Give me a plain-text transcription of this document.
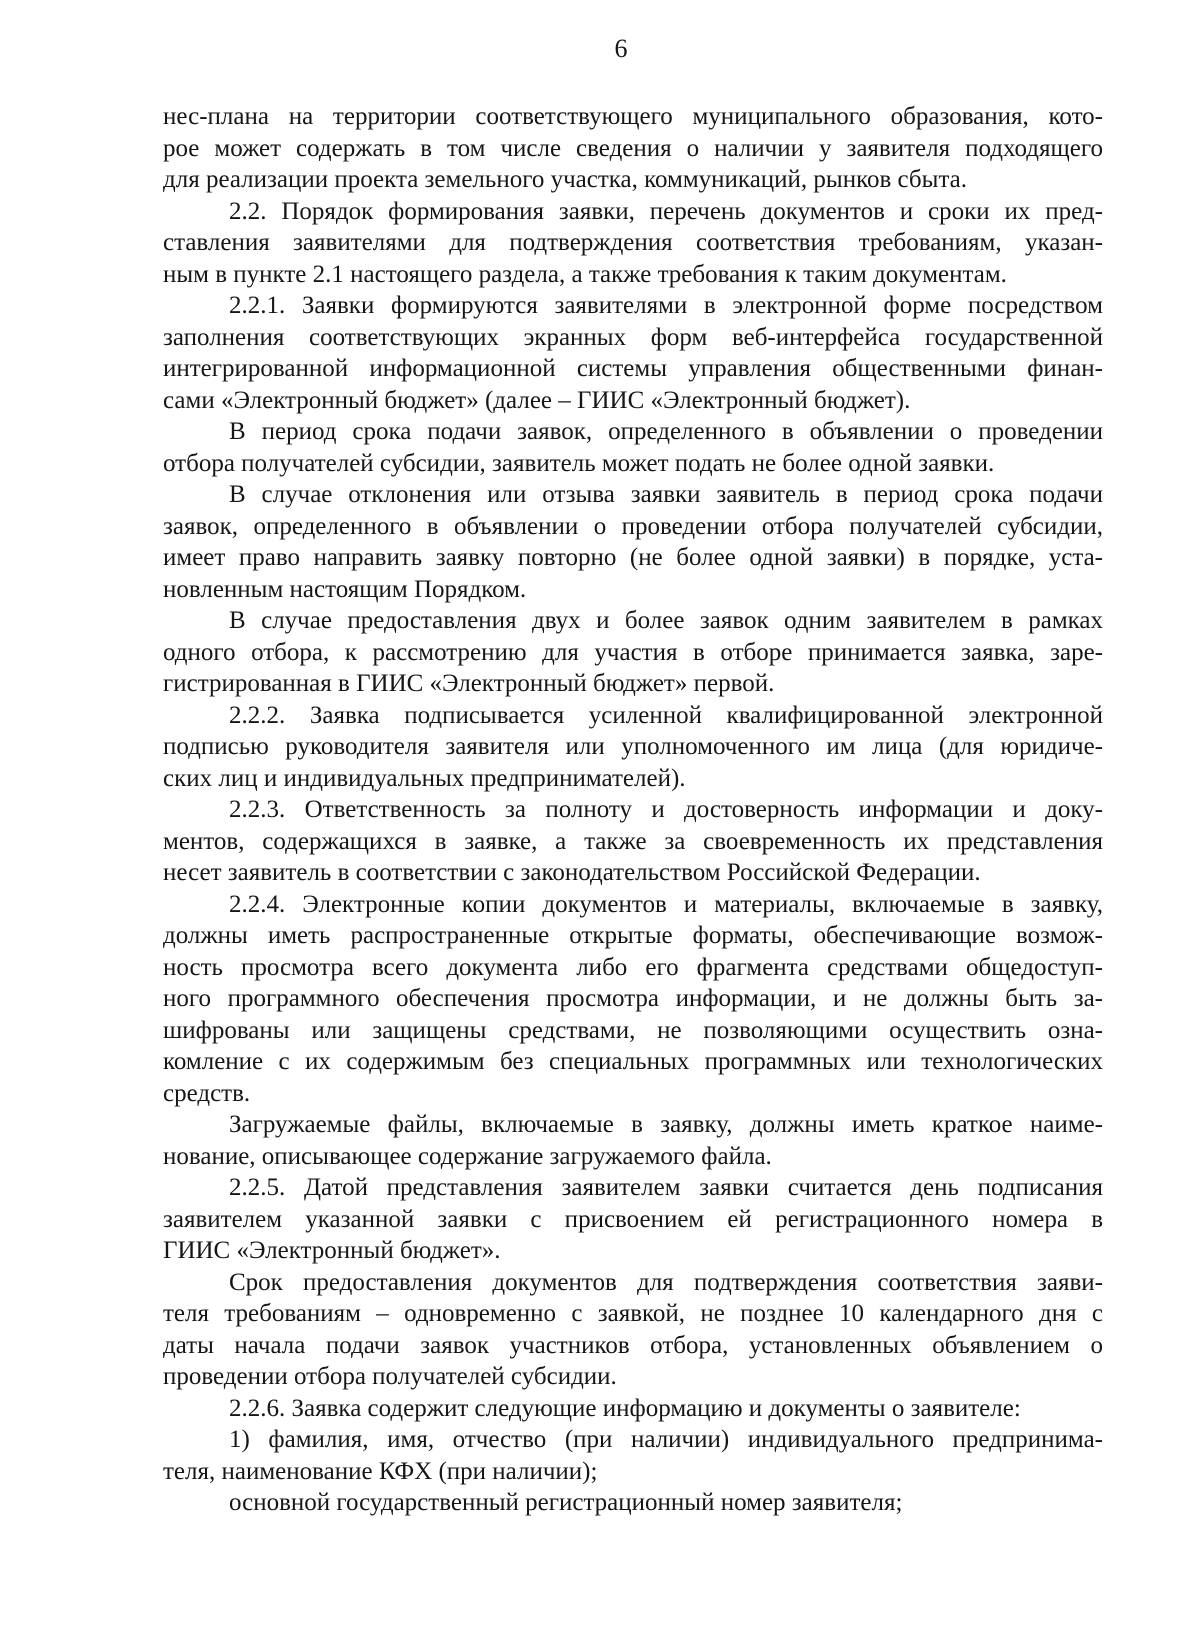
6
нес-плана на территории соответствующего муниципального образования, кото-
рое может содержать в том числе сведения о наличии у заявителя подходящего
для реализации проекта земельного участка, коммуникаций, рынков сбыта.
2.2. Порядок формирования заявки, перечень документов и сроки их пред-
ставления заявителями для подтверждения соответствия требованиям, указан-
ным в пункте 2.1 настоящего раздела, а также требования к таким документам.
2.2.1. Заявки формируются заявителями в электронной форме посредством
заполнения соответствующих экранных форм веб-интерфейса государственной
интегрированной информационной системы управления общественными финан-
сами «Электронный бюджет» (далее – ГИИС «Электронный бюджет).
В период срока подачи заявок, определенного в объявлении о проведении
отбора получателей субсидии, заявитель может подать не более одной заявки.
В случае отклонения или отзыва заявки заявитель в период срока подачи
заявок, определенного в объявлении о проведении отбора получателей субсидии,
имеет право направить заявку повторно (не более одной заявки) в порядке, уста-
новленным настоящим Порядком.
В случае предоставления двух и более заявок одним заявителем в рамках
одного отбора, к рассмотрению для участия в отборе принимается заявка, заре-
гистрированная в ГИИС «Электронный бюджет» первой.
2.2.2. Заявка подписывается усиленной квалифицированной электронной
подписью руководителя заявителя или уполномоченного им лица (для юридиче-
ских лиц и индивидуальных предпринимателей).
2.2.3. Ответственность за полноту и достоверность информации и доку-
ментов, содержащихся в заявке, а также за своевременность их представления
несет заявитель в соответствии с законодательством Российской Федерации.
2.2.4. Электронные копии документов и материалы, включаемые в заявку,
должны иметь распространенные открытые форматы, обеспечивающие возмож-
ность просмотра всего документа либо его фрагмента средствами общедоступ-
ного программного обеспечения просмотра информации, и не должны быть за-
шифрованы или защищены средствами, не позволяющими осуществить озна-
комление с их содержимым без специальных программных или технологических
средств.
Загружаемые файлы, включаемые в заявку, должны иметь краткое наиме-
нование, описывающее содержание загружаемого файла.
2.2.5. Датой представления заявителем заявки считается день подписания
заявителем указанной заявки с присвоением ей регистрационного номера в
ГИИС «Электронный бюджет».
Срок предоставления документов для подтверждения соответствия заяви-
теля требованиям – одновременно с заявкой, не позднее 10 календарного дня с
даты начала подачи заявок участников отбора, установленных объявлением о
проведении отбора получателей субсидии.
2.2.6. Заявка содержит следующие информацию и документы о заявителе:
1) фамилия, имя, отчество (при наличии) индивидуального предпринима-
теля, наименование КФХ (при наличии);
основной государственный регистрационный номер заявителя;
